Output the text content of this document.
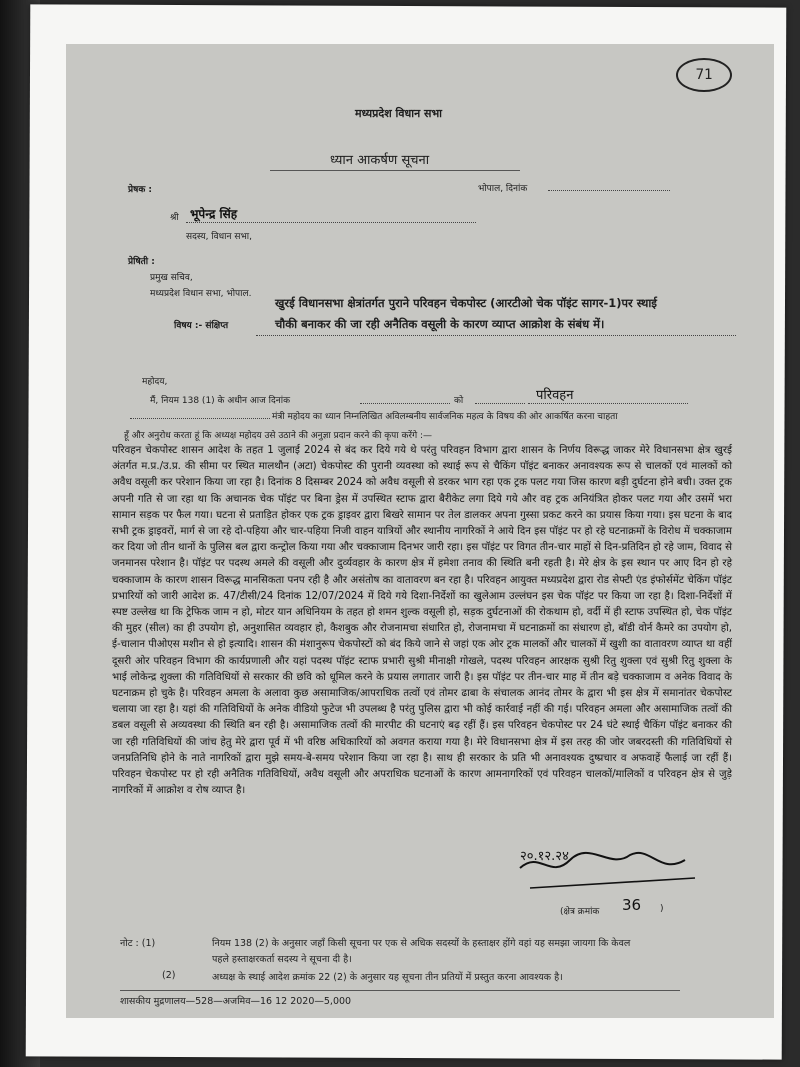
71
मध्यप्रदेश विधान सभा
ध्यान आकर्षण सूचना
प्रेषक :	भोपाल, दिनांक
श्री भूपेन्द्र सिंह
सदस्य, विधान सभा,
प्रेषिती :
प्रमुख सचिव,
मध्यप्रदेश विधान सभा, भोपाल.
विषय :- संक्षिप्त
खुरई विधानसभा क्षेत्रांतर्गत पुराने परिवहन चेकपोस्ट (आरटीओ चेक पॉइंट सागर-1)पर स्थाई
चौकी बनाकर की जा रही अनैतिक वसूली के कारण व्याप्त आक्रोश के संबंध में।
महोदय,
मैं, नियम 138 (1) के अधीन आज दिनांक	को	परिवहन
मंत्री महोदय का ध्यान निम्नलिखित अविलम्बनीय सार्वजनिक महत्व के विषय की ओर आकर्षित करना चाहता
हूँ और अनुरोध करता हूं कि अध्यक्ष महोदय उसे उठाने की अनुज्ञा प्रदान करने की कृपा करेंगे :—
परिवहन चेकपोस्ट शासन आदेश के तहत 1 जुलाई 2024 से बंद कर दिये गये थे परंतु परिवहन विभाग द्वारा शासन के निर्णय विरूद्ध जाकर मेरे विधानसभा क्षेत्र खुरई अंतर्गत म.प्र./उ.प्र. की सीमा पर स्थित मालथौन (अटा) चेकपोस्ट की पुरानी व्यवस्था को स्थाई रूप से चैकिंग पॉइंट बनाकर अनावश्यक रूप से चालकों एवं मालकों को अवैध वसूली कर परेशान किया जा रहा है। दिनांक 8 दिसम्बर 2024 को अवैध वसूली से डरकर भाग रहा एक ट्रक पलट गया जिस कारण बड़ी दुर्घटना होने बची। उक्त ट्रक अपनी गति से जा रहा था कि अचानक चेक पॉइंट पर बिना ड्रेस में उपस्थित स्टाफ द्वारा बैरीकेट लगा दिये गये और वह ट्रक अनियंत्रित होकर पलट गया और उसमें भरा सामान सड़क पर फैल गया। घटना से प्रताड़ित होकर एक ट्रक ड्राइवर द्वारा बिखरे सामान पर तेल डालकर अपना गुस्सा प्रकट करने का प्रयास किया गया। इस घटना के बाद सभी ट्रक ड्राइवरों, मार्ग से जा रहे दो-पहिया और चार-पहिया निजी वाहन यात्रियों और स्थानीय नागरिकों ने आये दिन इस पॉइंट पर हो रहे घटनाक्रमों के विरोध में चक्काजाम कर दिया जो तीन थानों के पुलिस बल द्वारा कन्ट्रोल किया गया और चक्काजाम दिनभर जारी रहा। इस पॉइंट पर विगत तीन-चार माहों से दिन-प्रतिदिन हो रहे जाम, विवाद से जनमानस परेशान है। पॉइंट पर पदस्थ अमले की वसूली और दुर्व्यवहार के कारण क्षेत्र में हमेशा तनाव की स्थिति बनी रहती है। मेरे क्षेत्र के इस स्थान पर आए दिन हो रहे चक्काजाम के कारण शासन विरूद्ध मानसिकता पनप रही है और असंतोष का वातावरण बन रहा है। परिवहन आयुक्त मध्यप्रदेश द्वारा रोड सेफ्टी एंड इंफोर्समेंट चेकिंग पॉइंट प्रभारियों को जारी आदेश क्र. 47/टीसी/24 दिनांक 12/07/2024 में दिये गये दिशा-निर्देशों का खुलेआम उल्लंघन इस चेक पॉइंट पर किया जा रहा है। दिशा-निर्देशों में स्पष्ट उल्लेख था कि ट्रेफिक जाम न हो, मोटर यान अधिनियम के तहत हो शमन शुल्क वसूली हो, सड़क दुर्घटनाओं की रोकथाम हो, वर्दी में ही स्टाफ उपस्थित हो, चेक पॉइंट की मुहर (सील) का ही उपयोग हो, अनुशासित व्यवहार हो, कैशबुक और रोजनामचा संधारित हो, रोजनामचा में घटनाक्रमों का संधारण हो, बॉडी वोर्न कैमरे का उपयोग हो, ई-चालान पीओएस मशीन से हो इत्यादि। शासन की मंशानुरूप चेकपोस्टों को बंद किये जाने से जहां एक ओर ट्रक मालकों और चालकों में खुशी का वातावरण व्याप्त था वहीं दूसरी ओर परिवहन विभाग की कार्यप्रणाली और यहां पदस्थ पॉइंट स्टाफ प्रभारी सुश्री मीनाक्षी गोखले, पदस्थ परिवहन आरक्षक सुश्री रितु शुक्ला एवं सुश्री रितु शुक्ला के भाई लोकेन्द्र शुक्ला की गतिविधियों से सरकार की छवि को धूमिल करने के प्रयास लगातार जारी है। इस पॉइंट पर तीन-चार माह में तीन बड़े चक्काजाम व अनेक विवाद के घटनाक्रम हो चुके है। परिवहन अमला के अलावा कुछ असामाजिक/आपराधिक तत्वों एवं तोमर ढाबा के संचालक आनंद तोमर के द्वारा भी इस क्षेत्र में समानांतर चेकपोस्ट चलाया जा रहा है। यहां की गतिविधियों के अनेक वीडियो फुटेज भी उपलब्ध है परंतु पुलिस द्वारा भी कोई कार्रवाई नहीं की गई। परिवहन अमला और असामाजिक तत्वों की डबल वसूली से अव्यवस्था की स्थिति बन रही है। असामाजिक तत्वों की मारपीट की घटनाएं बढ़ रहीं हैं। इस परिवहन चेकपोस्ट पर 24 घंटे स्थाई चैकिंग पॉइंट बनाकर की जा रही गतिविधियों की जांच हेतु मेरे द्वारा पूर्व में भी वरिष्ठ अधिकारियों को अवगत कराया गया है। मेरे विधानसभा क्षेत्र में इस तरह की जोर जबरदस्ती की गतिविधियों से जनप्रतिनिधि होने के नाते नागरिकों द्वारा मुझे समय-बे-समय परेशान किया जा रहा है। साथ ही सरकार के प्रति भी अनावश्यक दुष्प्रचार व अफवाहें फैलाई जा रहीं हैं। परिवहन चेकपोस्ट पर हो रही अनैतिक गतिविधियों, अवैध वसूली और अपराधिक घटनाओं के कारण आमनागरिकों एवं परिवहन चालकों/मालिकों व परिवहन क्षेत्र से जुड़े नागरिकों में आक्रोश व रोष व्याप्त है।
२०.१२.२४
(क्षेत्र क्रमांक 36 )
नोट : (1)	नियम 138 (2) के अनुसार जहाँ किसी सूचना पर एक से अधिक सदस्यों के हस्ताक्षर होंगे वहां यह समझा जायगा कि केवल
पहले हस्ताक्षरकर्ता सदस्य ने सूचना दी है।
(2)	अध्यक्ष के स्थाई आदेश क्रमांक 22 (2) के अनुसार यह सूचना तीन प्रतियों में प्रस्तुत करना आवश्यक है।
शासकीय मुद्रणालय—528—अजमिव—16 12 2020—5,000
